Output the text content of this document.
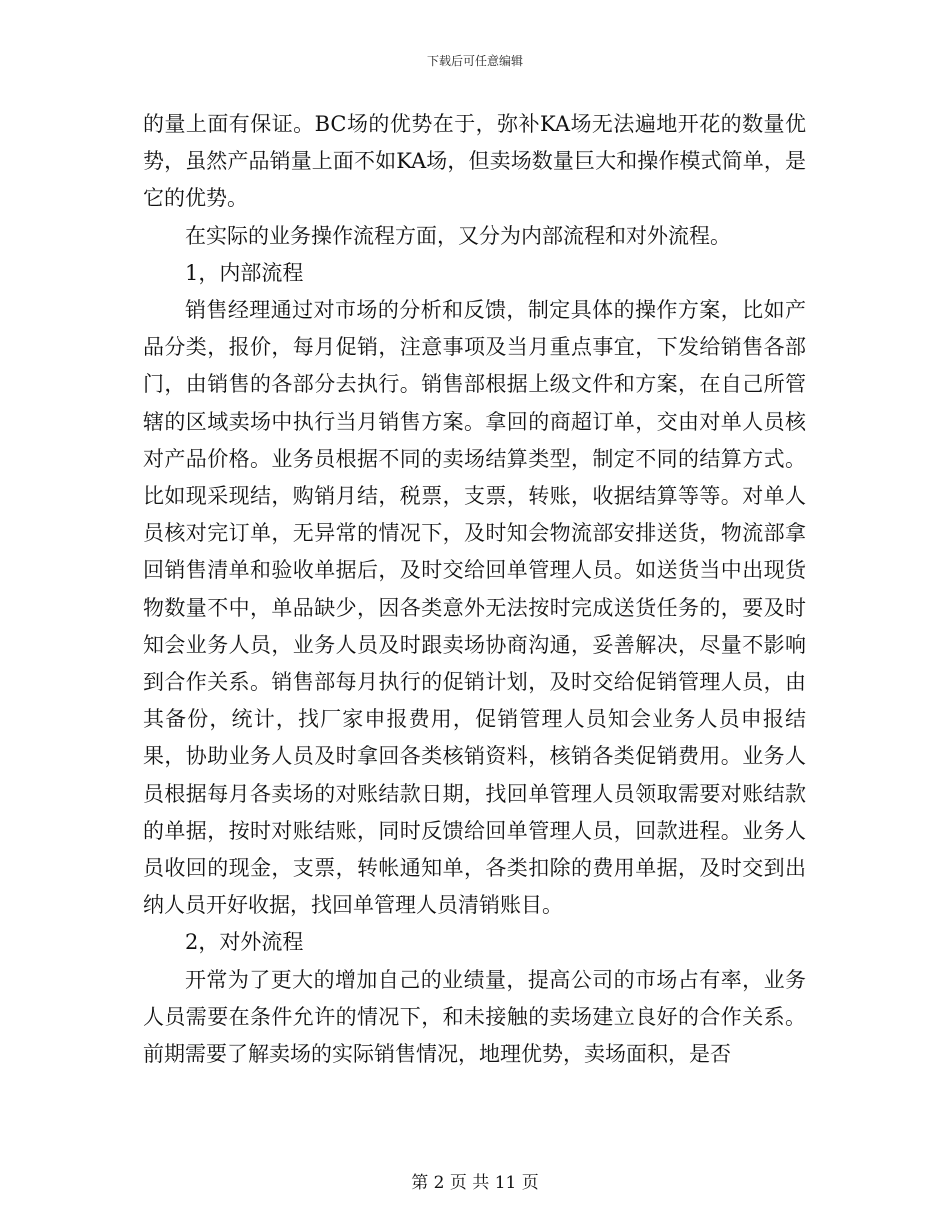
下载后可任意编辑

的量上面有保证。BC场的优势在于，弥补KA场无法遍地开花的数量优势，虽然产品销量上面不如KA场，但卖场数量巨大和操作模式简单，是它的优势。

在实际的业务操作流程方面，又分为内部流程和对外流程。

1，内部流程

销售经理通过对市场的分析和反馈，制定具体的操作方案，比如产品分类，报价，每月促销，注意事项及当月重点事宜，下发给销售各部门，由销售的各部分去执行。销售部根据上级文件和方案，在自己所管辖的区域卖场中执行当月销售方案。拿回的商超订单，交由对单人员核对产品价格。业务员根据不同的卖场结算类型，制定不同的结算方式。比如现采现结，购销月结，税票，支票，转账，收据结算等等。对单人员核对完订单，无异常的情况下，及时知会物流部安排送货，物流部拿回销售清单和验收单据后，及时交给回单管理人员。如送货当中出现货物数量不中，单品缺少，因各类意外无法按时完成送货任务的，要及时知会业务人员，业务人员及时跟卖场协商沟通，妥善解决，尽量不影响到合作关系。销售部每月执行的促销计划，及时交给促销管理人员，由其备份，统计，找厂家申报费用，促销管理人员知会业务人员申报结果，协助业务人员及时拿回各类核销资料，核销各类促销费用。业务人员根据每月各卖场的对账结款日期，找回单管理人员领取需要对账结款的单据，按时对账结账，同时反馈给回单管理人员，回款进程。业务人员收回的现金，支票，转帐通知单，各类扣除的费用单据，及时交到出纳人员开好收据，找回单管理人员清销账目。

2，对外流程

开常为了更大的增加自己的业绩量，提高公司的市场占有率，业务人员需要在条件允许的情况下，和未接触的卖场建立良好的合作关系。前期需要了解卖场的实际销售情况，地理优势，卖场面积，是否

第 2 页 共 11 页
